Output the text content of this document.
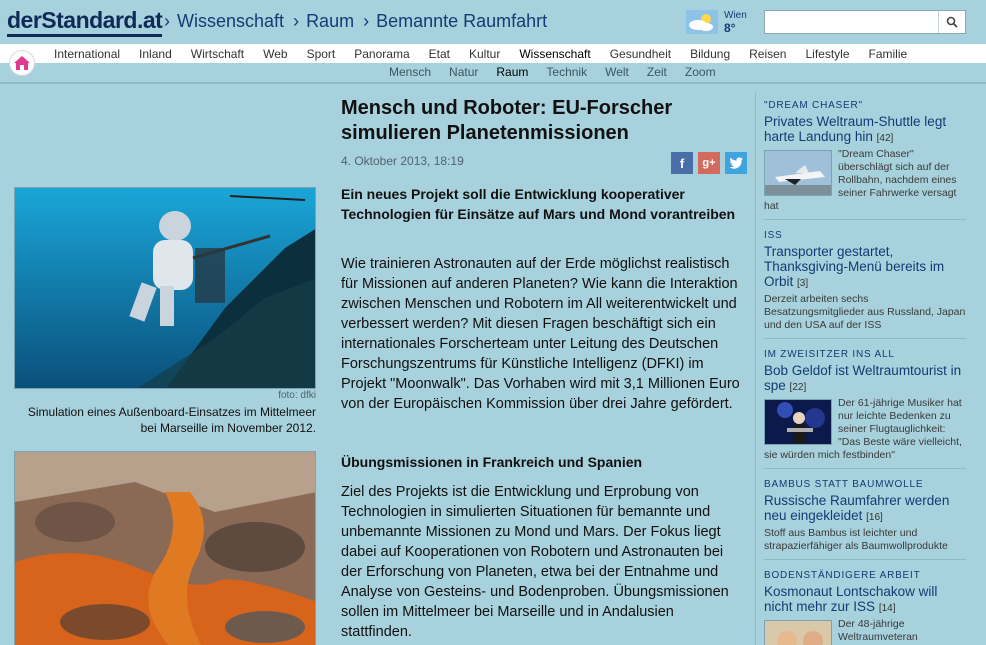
derStandard.at › Wissenschaft › Raum › Bemannte Raumfahrt	Wien
8°
International Inland Wirtschaft Web Sport Panorama Etat Kultur Wissenschaft Gesundheit Bildung Reisen Lifestyle Familie
Mensch Natur Raum Technik Welt Zeit Zoom
foto: dfki
Simulation eines Außenboard-Einsatzes im Mittelmeer bei Marseille im November 2012.
Mensch und Roboter: EU-Forscher simulieren Planetenmissionen
4. Oktober 2013, 18:19	f	g+

Ein neues Projekt soll die Entwicklung kooperativer Technologien für Einsätze auf Mars und Mond vorantreiben

Wie trainieren Astronauten auf der Erde möglichst realistisch für Missionen auf anderen Planeten? Wie kann die Interaktion zwischen Menschen und Robotern im All weiterentwickelt und verbessert werden? Mit diesen Fragen beschäftigt sich ein internationales Forscherteam unter Leitung des Deutschen Forschungszentrums für Künstliche Intelligenz (DFKI) im Projekt "Moonwalk". Das Vorhaben wird mit 3,1 Millionen Euro von der Europäischen Kommission über drei Jahre gefördert.

Übungsmissionen in Frankreich und Spanien

Ziel des Projekts ist die Entwicklung und Erprobung von Technologien in simulierten Situationen für bemannte und unbemannte Missionen zu Mond und Mars. Der Fokus liegt dabei auf Kooperationen von Robotern und Astronauten bei der Erforschung von Planeten, etwa bei der Entnahme und Analyse von Gesteins- und Bodenproben. Übungsmissionen sollen im Mittelmeer bei Marseille und in Andalusien stattfinden.

"DREAM CHASER"
Privates Weltraum-Shuttle legt harte Landung hin [42]
"Dream Chaser" überschlägt sich auf der Rollbahn, nachdem eines seiner Fahrwerke versagt hat
ISS
Transporter gestartet, Thanksgiving-Menü bereits im Orbit [3]
Derzeit arbeiten sechs Besatzungsmitglieder aus Russland, Japan und den USA auf der ISS
IM ZWEISITZER INS ALL
Bob Geldof ist Weltraumtourist in spe [22]
Der 61-jährige Musiker hat nur leichte Bedenken zu seiner Flugtauglichkeit: "Das Beste wäre vielleicht, sie würden mich festbinden"
BAMBUS STATT BAUMWOLLE
Russische Raumfahrer werden neu eingekleidet [16]
Stoff aus Bambus ist leichter und strapazierfähiger als Baumwollprodukte
BODENSTÄNDIGERE ARBEIT
Kosmonaut Lontschakow will nicht mehr zur ISS [14]
Der 48-jährige Weltraumveteran
